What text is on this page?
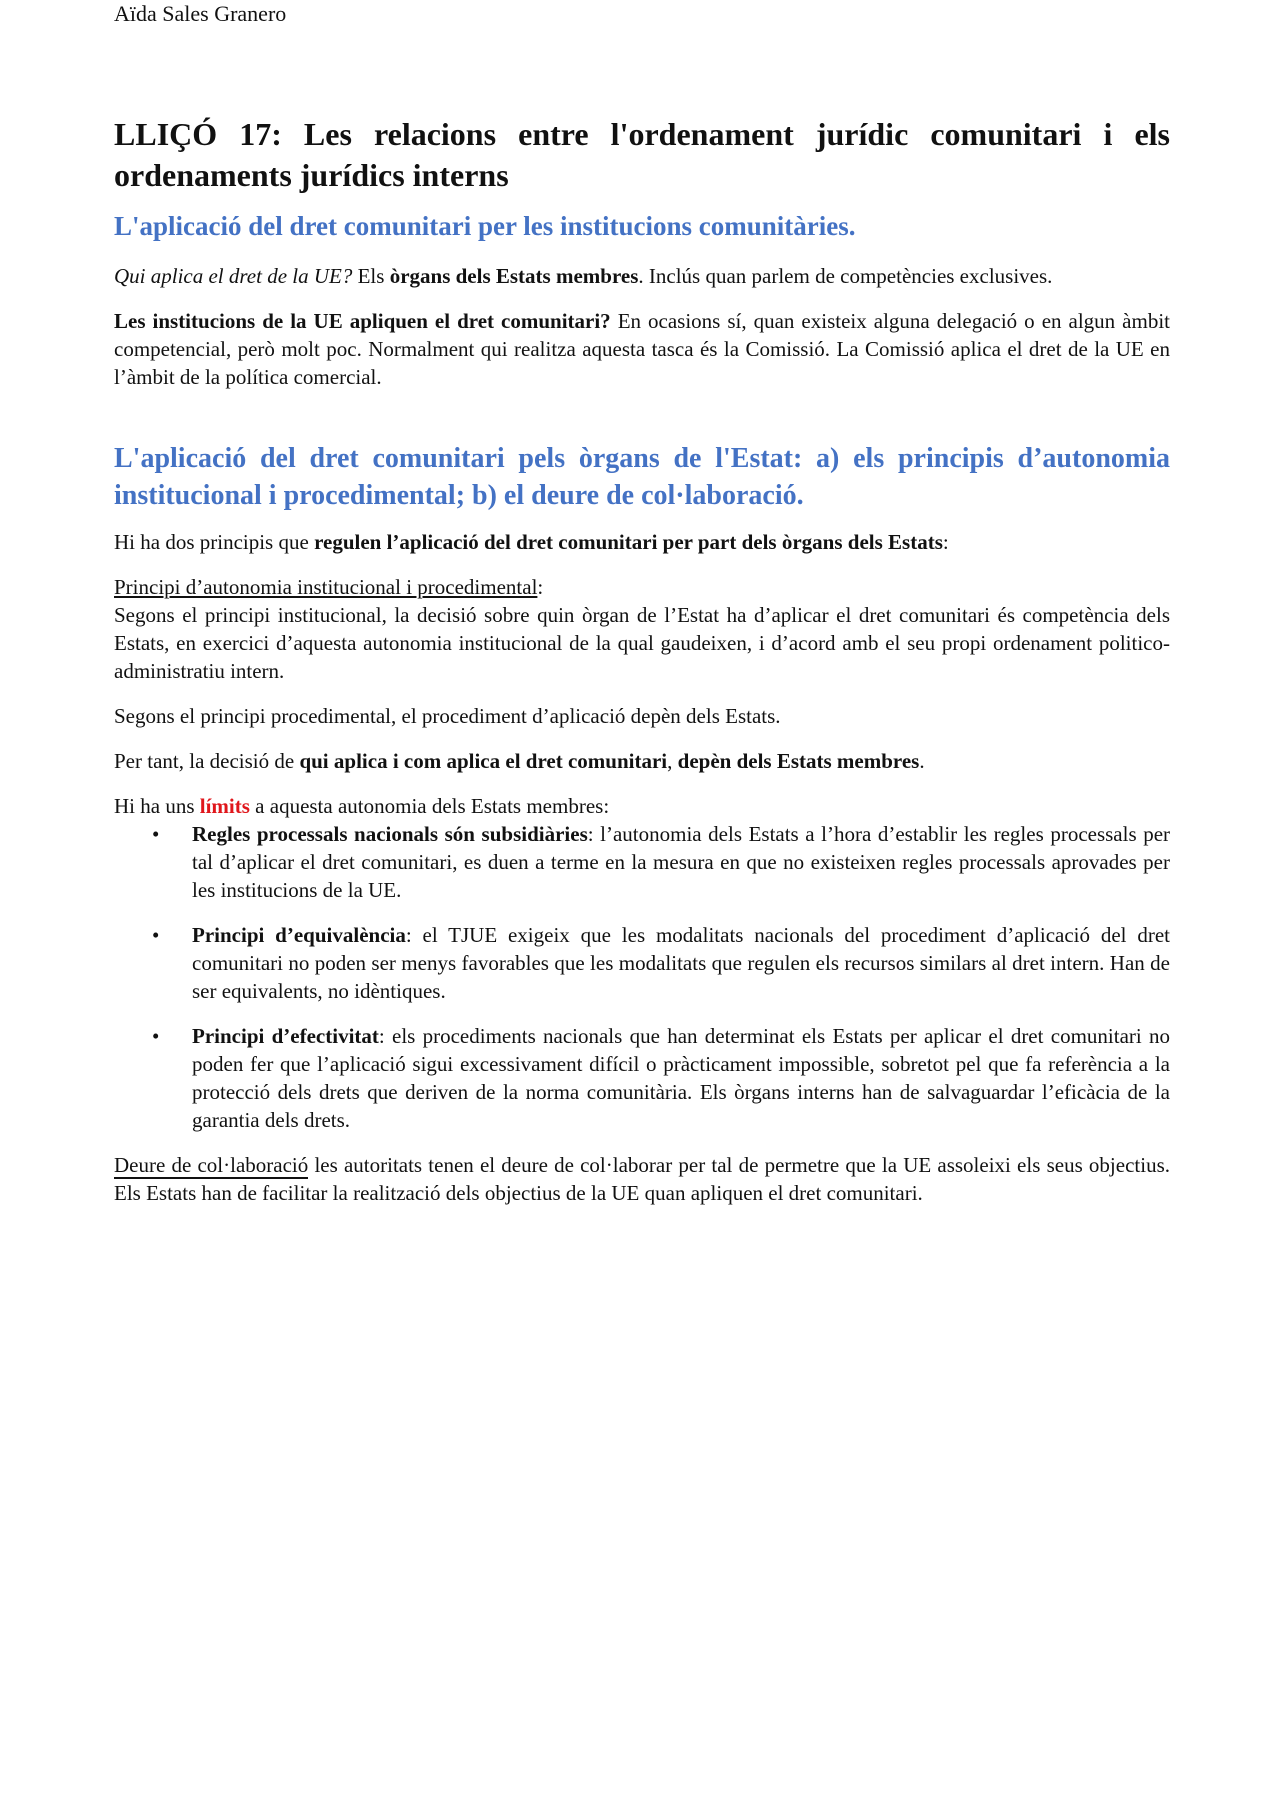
Aïda Sales Granero
LLIÇÓ 17: Les relacions entre l'ordenament jurídic comunitari i els ordenaments jurídics interns
L'aplicació del dret comunitari per les institucions comunitàries.

Qui aplica el dret de la UE? Els òrgans dels Estats membres. Inclús quan parlem de competències exclusives.

Les institucions de la UE apliquen el dret comunitari? En ocasions sí, quan existeix alguna delegació o en algun àmbit competencial, però molt poc. Normalment qui realitza aquesta tasca és la Comissió. La Comissió aplica el dret de la UE en l’àmbit de la política comercial.

L'aplicació del dret comunitari pels òrgans de l'Estat: a) els principis d’autonomia institucional i procedimental; b) el deure de col·laboració.

Hi ha dos principis que regulen l’aplicació del dret comunitari per part dels òrgans dels Estats:

Principi d’autonomia institucional i procedimental:

Segons el principi institucional, la decisió sobre quin òrgan de l’Estat ha d’aplicar el dret comunitari és competència dels Estats, en exercici d’aquesta autonomia institucional de la qual gaudeixen, i d’acord amb el seu propi ordenament politico-administratiu intern.

Segons el principi procedimental, el procediment d’aplicació depèn dels Estats.

Per tant, la decisió de qui aplica i com aplica el dret comunitari, depèn dels Estats membres.

Hi ha uns límits a aquesta autonomia dels Estats membres:

• Regles processals nacionals són subsidiàries: l’autonomia dels Estats a l’hora d’establir les regles processals per tal d’aplicar el dret comunitari, es duen a terme en la mesura en que no existeixen regles processals aprovades per les institucions de la UE.
• Principi d’equivalència: el TJUE exigeix que les modalitats nacionals del procediment d’aplicació del dret comunitari no poden ser menys favorables que les modalitats que regulen els recursos similars al dret intern. Han de ser equivalents, no idèntiques.
• Principi d’efectivitat: els procediments nacionals que han determinat els Estats per aplicar el dret comunitari no poden fer que l’aplicació sigui excessivament difícil o pràcticament impossible, sobretot pel que fa referència a la protecció dels drets que deriven de la norma comunitària. Els òrgans interns han de salvaguardar l’eficàcia de la garantia dels drets.

Deure de col·laboració les autoritats tenen el deure de col·laborar per tal de permetre que la UE assoleixi els seus objectius. Els Estats han de facilitar la realització dels objectius de la UE quan apliquen el dret comunitari.
